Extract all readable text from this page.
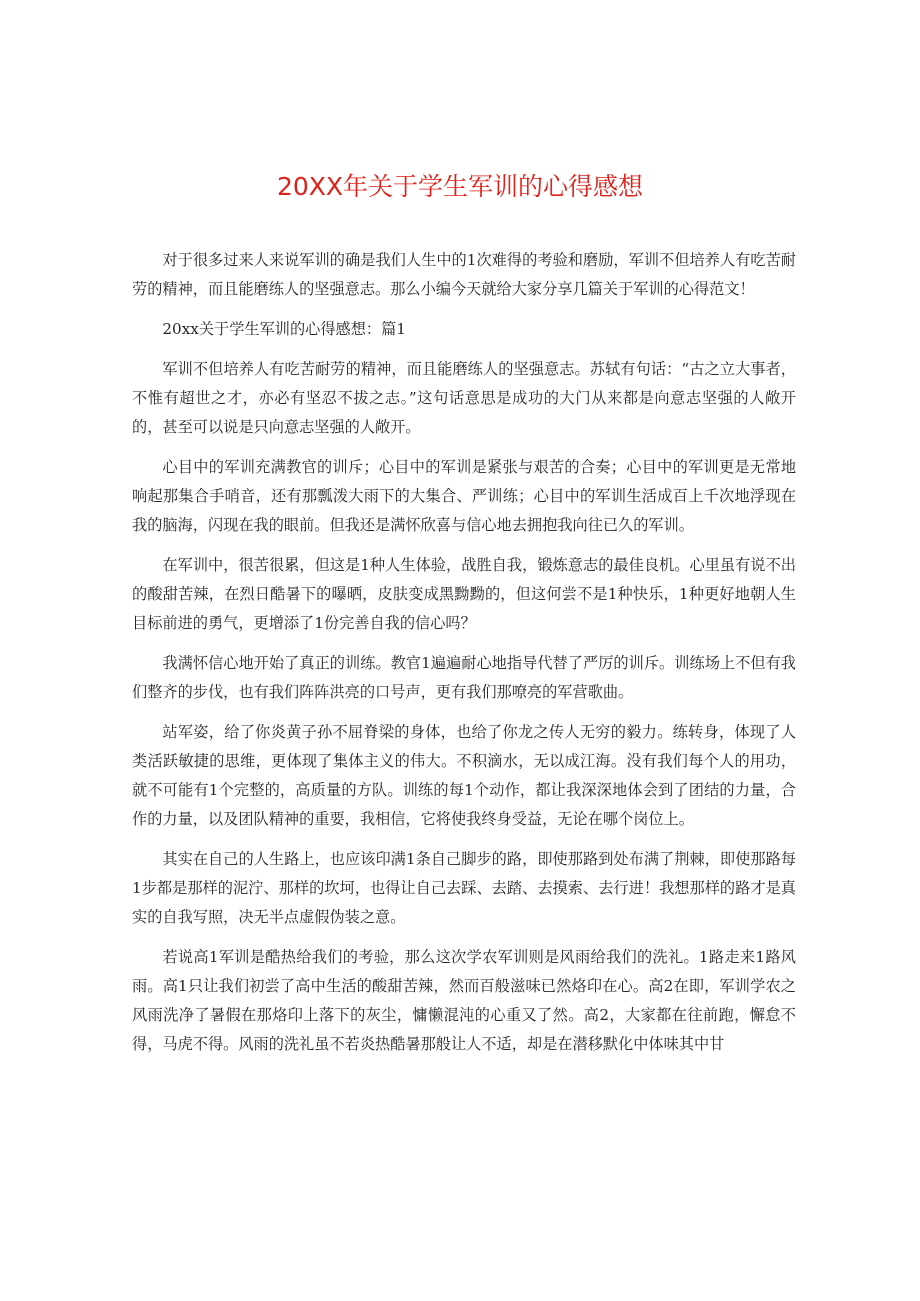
20XX年关于学生军训的心得感想

对于很多过来人来说军训的确是我们人生中的1次难得的考验和磨励，军训不但培养人有吃苦耐劳的精神，而且能磨练人的坚强意志。那么小编今天就给大家分享几篇关于军训的心得范文！

20xx关于学生军训的心得感想：篇1

军训不但培养人有吃苦耐劳的精神，而且能磨练人的坚强意志。苏轼有句话：“古之立大事者，不惟有超世之才，亦必有坚忍不拔之志。”这句话意思是成功的大门从来都是向意志坚强的人敞开的，甚至可以说是只向意志坚强的人敞开。

心目中的军训充满教官的训斥；心目中的军训是紧张与艰苦的合奏；心目中的军训更是无常地响起那集合手哨音，还有那瓢泼大雨下的大集合、严训练；心目中的军训生活成百上千次地浮现在我的脑海，闪现在我的眼前。但我还是满怀欣喜与信心地去拥抱我向往已久的军训。

在军训中，很苦很累，但这是1种人生体验，战胜自我，锻炼意志的最佳良机。心里虽有说不出的酸甜苦辣，在烈日酷暑下的曝晒，皮肤变成黑黝黝的，但这何尝不是1种快乐，1种更好地朝人生目标前进的勇气，更增添了1份完善自我的信心吗？

我满怀信心地开始了真正的训练。教官1遍遍耐心地指导代替了严厉的训斥。训练场上不但有我们整齐的步伐，也有我们阵阵洪亮的口号声，更有我们那嘹亮的军营歌曲。

站军姿，给了你炎黄子孙不屈脊梁的身体，也给了你龙之传人无穷的毅力。练转身，体现了人类活跃敏捷的思维，更体现了集体主义的伟大。不积滴水，无以成江海。没有我们每个人的用功，就不可能有1个完整的，高质量的方队。训练的每1个动作，都让我深深地体会到了团结的力量，合作的力量，以及团队精神的重要，我相信，它将使我终身受益，无论在哪个岗位上。

其实在自己的人生路上，也应该印满1条自己脚步的路，即使那路到处布满了荆棘，即使那路每1步都是那样的泥泞、那样的坎坷，也得让自己去踩、去踏、去摸索、去行进！我想那样的路才是真实的自我写照，决无半点虚假伪装之意。

若说高1军训是酷热给我们的考验，那么这次学农军训则是风雨给我们的洗礼。1路走来1路风雨。高1只让我们初尝了高中生活的酸甜苦辣，然而百般滋味已然烙印在心。高2在即，军训学农之风雨洗净了暑假在那烙印上落下的灰尘，慵懒混沌的心重又了然。高2，大家都在往前跑，懈怠不得，马虎不得。风雨的洗礼虽不若炎热酷暑那般让人不适，却是在潜移默化中体味其中甘
